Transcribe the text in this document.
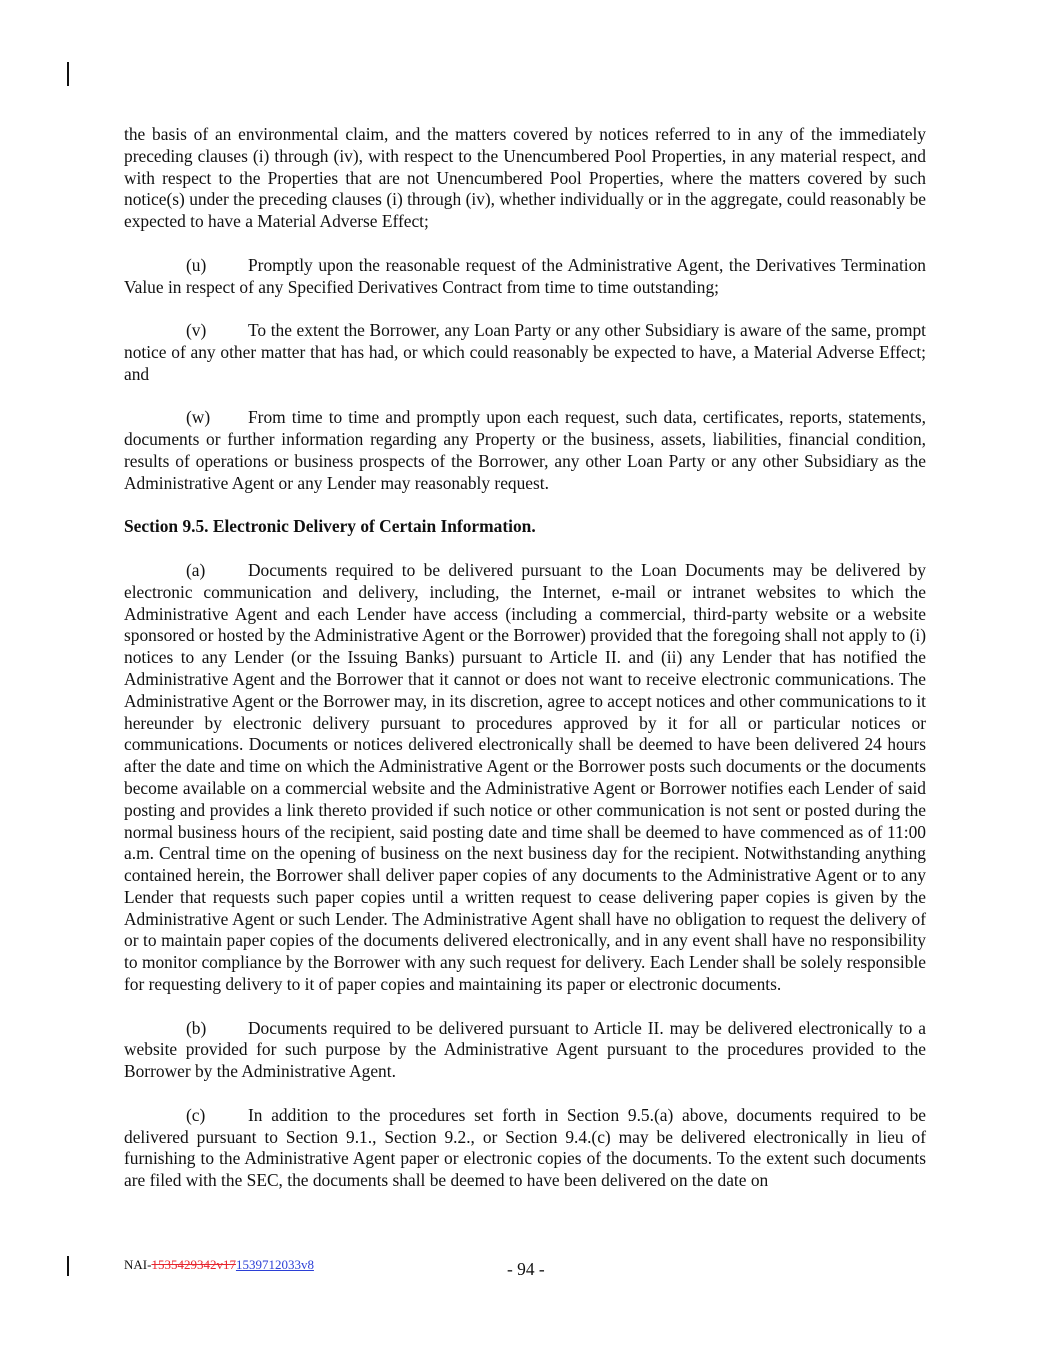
the basis of an environmental claim, and the matters covered by notices referred to in any of the immediately preceding clauses (i) through (iv), with respect to the Unencumbered Pool Properties, in any material respect, and with respect to the Properties that are not Unencumbered Pool Properties, where the matters covered by such notice(s) under the preceding clauses (i) through (iv), whether individually or in the aggregate, could reasonably be expected to have a Material Adverse Effect;

(u) Promptly upon the reasonable request of the Administrative Agent, the Derivatives Termination Value in respect of any Specified Derivatives Contract from time to time outstanding;

(v) To the extent the Borrower, any Loan Party or any other Subsidiary is aware of the same, prompt notice of any other matter that has had, or which could reasonably be expected to have, a Material Adverse Effect; and

(w) From time to time and promptly upon each request, such data, certificates, reports, statements, documents or further information regarding any Property or the business, assets, liabilities, financial condition, results of operations or business prospects of the Borrower, any other Loan Party or any other Subsidiary as the Administrative Agent or any Lender may reasonably request.

Section 9.5. Electronic Delivery of Certain Information.

(a) Documents required to be delivered pursuant to the Loan Documents may be delivered by electronic communication and delivery, including, the Internet, e-mail or intranet websites to which the Administrative Agent and each Lender have access (including a commercial, third-party website or a website sponsored or hosted by the Administrative Agent or the Borrower) provided that the foregoing shall not apply to (i) notices to any Lender (or the Issuing Banks) pursuant to Article II. and (ii) any Lender that has notified the Administrative Agent and the Borrower that it cannot or does not want to receive electronic communications. The Administrative Agent or the Borrower may, in its discretion, agree to accept notices and other communications to it hereunder by electronic delivery pursuant to procedures approved by it for all or particular notices or communications. Documents or notices delivered electronically shall be deemed to have been delivered 24 hours after the date and time on which the Administrative Agent or the Borrower posts such documents or the documents become available on a commercial website and the Administrative Agent or Borrower notifies each Lender of said posting and provides a link thereto provided if such notice or other communication is not sent or posted during the normal business hours of the recipient, said posting date and time shall be deemed to have commenced as of 11:00 a.m. Central time on the opening of business on the next business day for the recipient. Notwithstanding anything contained herein, the Borrower shall deliver paper copies of any documents to the Administrative Agent or to any Lender that requests such paper copies until a written request to cease delivering paper copies is given by the Administrative Agent or such Lender. The Administrative Agent shall have no obligation to request the delivery of or to maintain paper copies of the documents delivered electronically, and in any event shall have no responsibility to monitor compliance by the Borrower with any such request for delivery. Each Lender shall be solely responsible for requesting delivery to it of paper copies and maintaining its paper or electronic documents.

(b) Documents required to be delivered pursuant to Article II. may be delivered electronically to a website provided for such purpose by the Administrative Agent pursuant to the procedures provided to the Borrower by the Administrative Agent.

(c) In addition to the procedures set forth in Section 9.5.(a) above, documents required to be delivered pursuant to Section 9.1., Section 9.2., or Section 9.4.(c) may be delivered electronically in lieu of furnishing to the Administrative Agent paper or electronic copies of the documents. To the extent such documents are filed with the SEC, the documents shall be deemed to have been delivered on the date on

NAI-1535429342v171539712033v8	- 94 -
